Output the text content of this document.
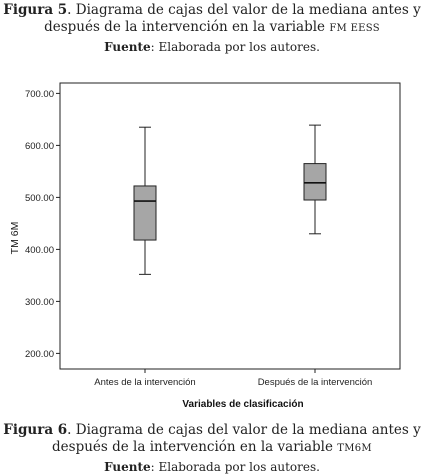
Figura 5. Diagrama de cajas del valor de la mediana antes y
después de la intervención en la variable FM EESS
Fuente: Elaborada por los autores.
200.00
300.00
400.00
500.00
600.00
700.00
Antes de la intervención	Después de la intervención
TM 6M
Variables de clasificación
Figura 6. Diagrama de cajas del valor de la mediana antes y
después de la intervención en la variable TM6M
Fuente: Elaborada por los autores.
